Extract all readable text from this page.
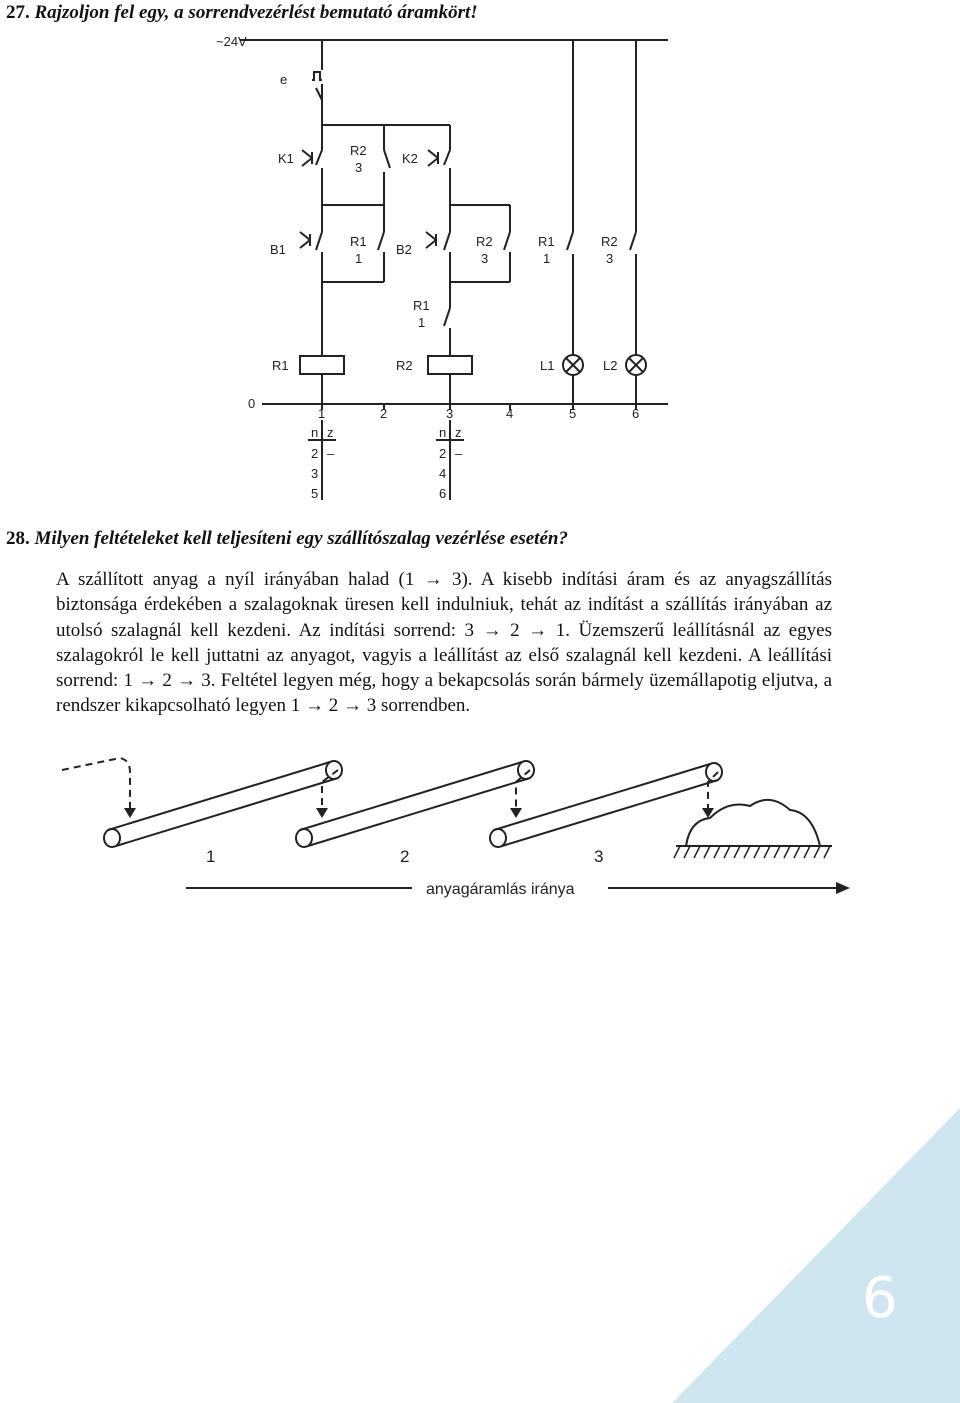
27. Rajzoljon fel egy, a sorrendvezérlést bemutató áramkört!
~24V
e
K1
R2
3
K2
B1
R1
1
B2
R2
3
R1
1
R2
3
R1
1
R1	R2	L1	L2
0
1	2	3	4	5	6
n z
2 –
3
5
n z
2 –
4
6
28. Milyen feltételeket kell teljesíteni egy szállítószalag vezérlése esetén?

A szállított anyag a nyíl irányában halad (1 → 3). A kisebb indítási áram és az anyagszállítás biztonsága érdekében a szalagoknak üresen kell indulniuk, tehát az indítást a szállítás irányában az utolsó szalagnál kell kezdeni. Az indítási sorrend: 3 → 2 → 1. Üzemszerű leállításnál az egyes szalagokról le kell juttatni az anyagot, vagyis a leállítást az első szalagnál kell kezdeni. A leállítási sorrend: 1 → 2 → 3. Feltétel legyen még, hogy a bekapcsolás során bármely üzemállapotig eljutva, a rendszer kikapcsolható legyen 1 → 2 → 3 sorrendben.

1	2	3
anyagáramlás iránya
6
